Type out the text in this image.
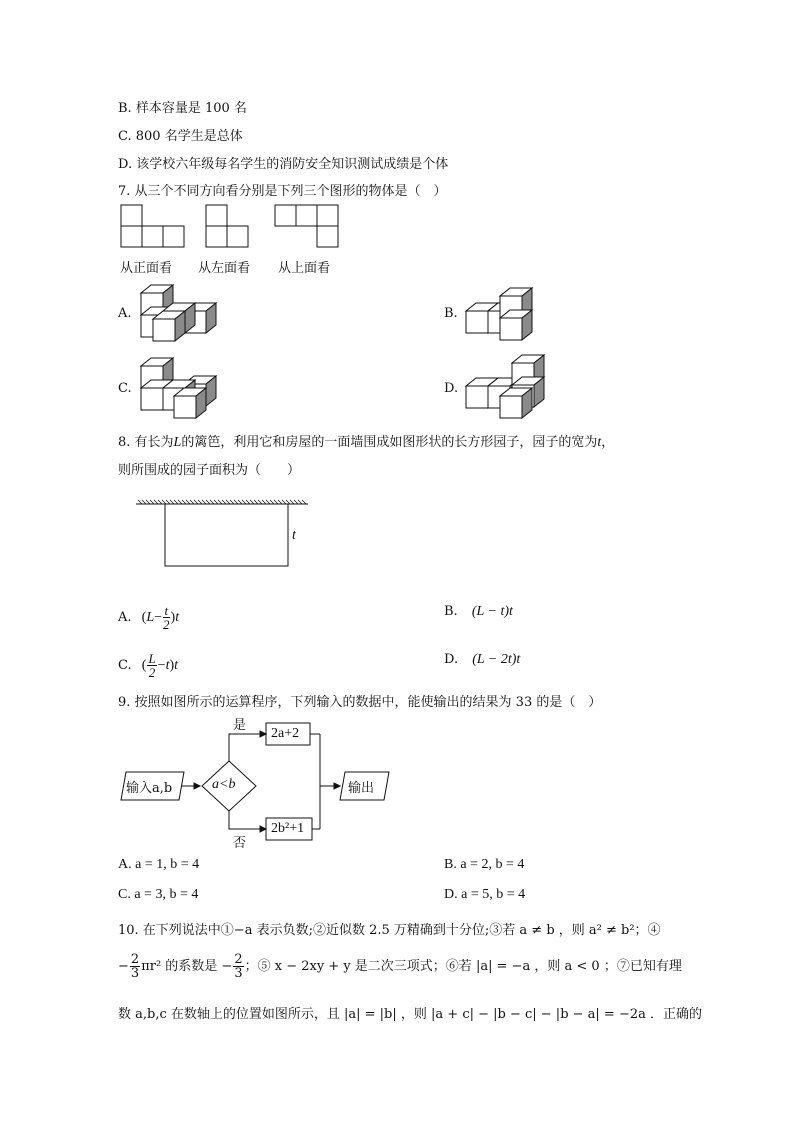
B. 样本容量是 100 名
C. 800 名学生是总体
D. 该学校六年级每名学生的消防安全知识测试成绩是个体
7. 从三个不同方向看分别是下列三个图形的物体是（　）
从正面看 从左面看 从上面看
A.	B.
C.	D.
8. 有长为L的篱笆，利用它和房屋的一面墙围成如图形状的长方形园子，园子的宽为t，
则所围成的园子面积为（　　）
t
A. $(L- \frac{t}{2} )t$	B. (L − t)t
C. ( $\frac{L}{2} -t)t$	D. (L − 2t)t
9. 按照如图所示的运算程序，下列输入的数据中，能使输出的结果为 33 的是（　）
输入a,b	a<b
是
否
2a+2
2b²+1
输出
A. a = 1, b = 4	B. a = 2, b = 4
C. a = 3, b = 4	D. a = 5, b = 4
10. 在下列说法中①−a 表示负数;②近似数 2.5 万精确到十分位;③若 a ≠ b ，则 a² ≠ b²；④
− $\frac{2}{3} \pi r^2$ 的系数是 − $\frac{2}{3}$ ；⑤ x − 2xy + y 是二次三项式；⑥若 |a| = −a ，则 a < 0 ；⑦已知有理
数 a,b,c 在数轴上的位置如图所示，且 |a| = |b| ，则 |a + c| − |b − c| − |b − a| = −2a ．正确的
